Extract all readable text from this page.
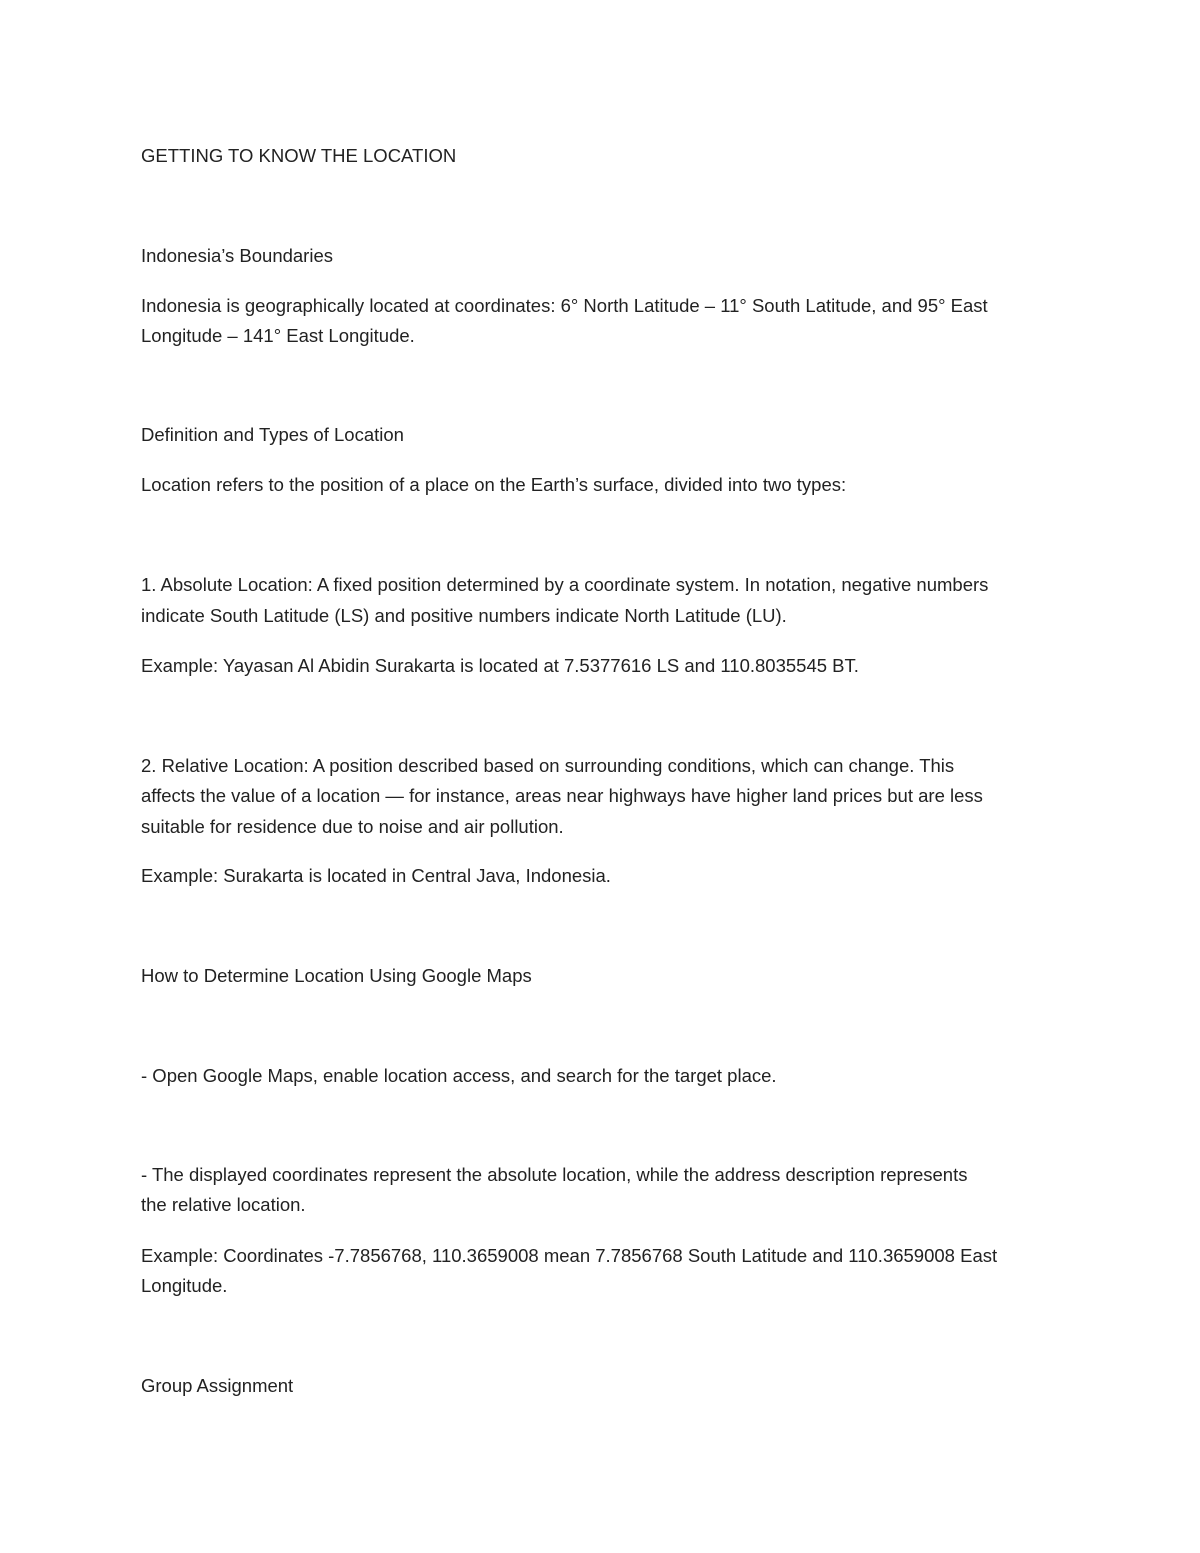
GETTING TO KNOW THE LOCATION

Indonesia’s Boundaries

Indonesia is geographically located at coordinates: 6° North Latitude – 11° South Latitude, and 95° East

Longitude – 141° East Longitude.

Definition and Types of Location

Location refers to the position of a place on the Earth’s surface, divided into two types:

1. Absolute Location: A fixed position determined by a coordinate system. In notation, negative numbers

indicate South Latitude (LS) and positive numbers indicate North Latitude (LU).

Example: Yayasan Al Abidin Surakarta is located at 7.5377616 LS and 110.8035545 BT.

2. Relative Location: A position described based on surrounding conditions, which can change. This

affects the value of a location — for instance, areas near highways have higher land prices but are less

suitable for residence due to noise and air pollution.

Example: Surakarta is located in Central Java, Indonesia.

How to Determine Location Using Google Maps

- Open Google Maps, enable location access, and search for the target place.

- The displayed coordinates represent the absolute location, while the address description represents

the relative location.

Example: Coordinates -7.7856768, 110.3659008 mean 7.7856768 South Latitude and 110.3659008 East

Longitude.

Group Assignment
